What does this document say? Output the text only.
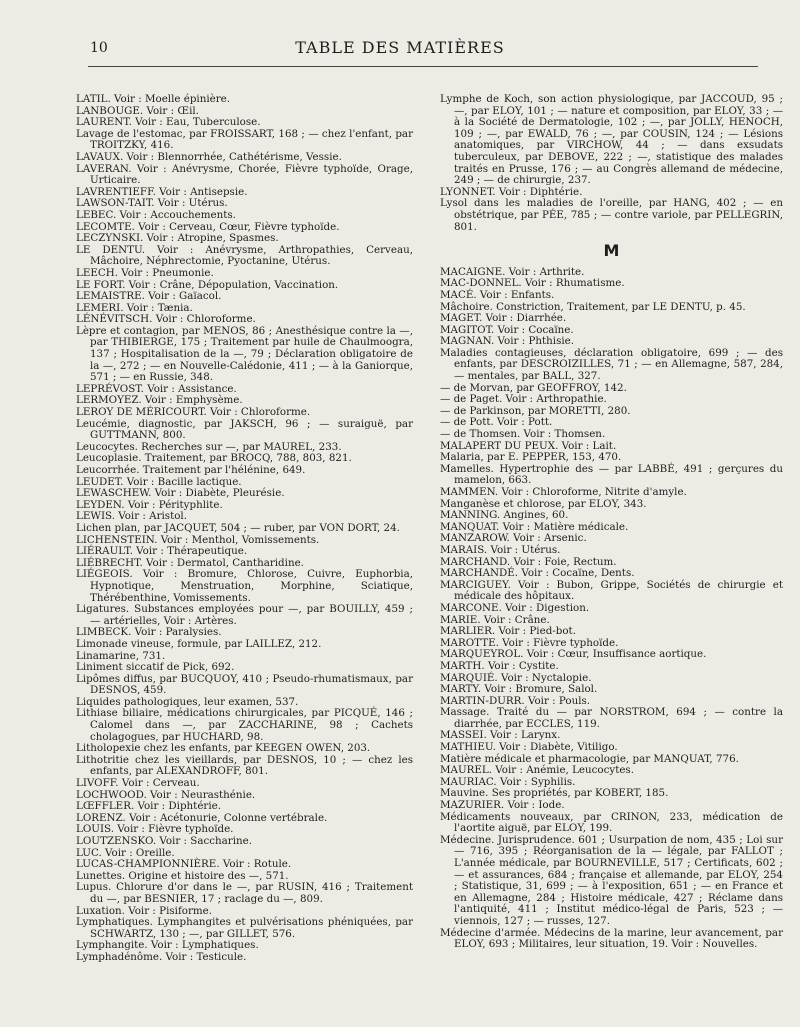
10	TABLE DES MATIÈRES
LATIL. Voir : Moelle épinière.
LANBOUGE. Voir : Œil.
LAURENT. Voir : Eau, Tuberculose.
Lavage de l'estomac, par FROISSART, 168 ; — chez l'enfant, par TROITZKY, 416.
LAVAUX. Voir : Blennorrhée, Cathétérisme, Vessie.
LAVERAN. Voir : Anévrysme, Chorée, Fièvre typhoïde, Orage, Urticaire.
LAVRENTIEFF. Voir : Antisepsie.
LAWSON-TAIT. Voir : Utérus.
LEBEC. Voir : Accouchements.
LECOMTE. Voir : Cerveau, Cœur, Fièvre typhoïde.
LECZYNSKI. Voir : Atropine, Spasmes.
LE DENTU. Voir : Anévrysme, Arthropathies, Cerveau, Mâchoire, Néphrectomie, Pyoctanine, Utérus.
LEECH. Voir : Pneumonie.
LE FORT. Voir : Crâne, Dépopulation, Vaccination.
LEMAISTRE. Voir : Gaïacol.
LEMERI. Voir : Tænia.
LÉNÉVITSCH. Voir : Chloroforme.
Lèpre et contagion, par MENOS, 86 ; Anesthésique contre la —, par THIBIERGE, 175 ; Traitement par huile de Chaulmoogra, 137 ; Hospitalisation de la —, 79 ; Déclaration obligatoire de la —, 272 ; — en Nouvelle-Calédonie, 411 ; — à la Ganiorque, 571 ; — en Russie, 348.
LEPRÉVOST. Voir : Assistance.
LERMOYEZ. Voir : Emphysème.
LEROY DE MÉRICOURT. Voir : Chloroforme.
Leucémie, diagnostic, par JAKSCH, 96 ; — suraiguë, par GUTTMANN, 800.
Leucocytes. Recherches sur —, par MAUREL, 233.
Leucoplasie. Traitement, par BROCQ, 788, 803, 821.
Leucorrhée. Traitement par l'hélénine, 649.
LEUDET. Voir : Bacille lactique.
LEWASCHEW. Voir : Diabète, Pleurésie.
LEYDEN. Voir : Pérityphlite.
LEWIS. Voir : Aristol.
Lichen plan, par JACQUET, 504 ; — ruber, par VON DORT, 24.
LICHENSTEIN. Voir : Menthol, Vomissements.
LIÉRAULT. Voir : Thérapeutique.
LIÉBRECHT. Voir : Dermatol, Cantharidine.
LIÉGEOIS. Voir : Bromure, Chlorose, Cuivre, Euphorbia, Hypnotique, Menstruation, Morphine, Sciatique, Thérébenthine, Vomissements.
Ligatures. Substances employées pour —, par BOUILLY, 459 ; — artérielles, Voir : Artères.
LIMBECK. Voir : Paralysies.
Limonade vineuse, formule, par LAILLEZ, 212.
Linamarine, 731.
Liniment siccatif de Pick, 692.
Lipômes diffus, par BUCQUOY, 410 ; Pseudo-rhumatismaux, par DESNOS, 459.
Liquides pathologiques, leur examen, 537.
Lithiase biliaire, médications chirurgicales, par PICQUÉ, 146 ; Calomel dans —, par ZACCHARINE, 98 ; Cachets cholagogues, par HUCHARD, 98.
Litholopexie chez les enfants, par KEEGEN OWEN, 203.
Lithotritie chez les vieillards, par DESNOS, 10 ; — chez les enfants, par ALEXANDROFF, 801.
LIVOFF. Voir : Cerveau.
LOCHWOOD. Voir : Neurasthénie.
LŒFFLER. Voir : Diphtérie.
LORENZ. Voir : Acétonurie, Colonne vertébrale.
LOUIS. Voir : Fièvre typhoïde.
LOUTZENSKO. Voir : Saccharine.
LUC. Voir : Oreille.
LUCAS-CHAMPIONNIÈRE. Voir : Rotule.
Lunettes. Origine et histoire des —, 571.
Lupus. Chlorure d'or dans le —, par RUSIN, 416 ; Traitement du —, par BESNIER, 17 ; raclage du —, 809.
Luxation. Voir : Pisiforme.
Lymphatiques. Lymphangites et pulvérisations phéniquées, par SCHWARTZ, 130 ; —, par GILLET, 576.
Lymphangite. Voir : Lymphatiques.
Lymphadénôme. Voir : Testicule.
Lymphe de Koch, son action physiologique, par JACCOUD, 95 ; —, par ELOY, 101 ; — nature et composition, par ELOY, 33 ; — à la Société de Dermatologie, 102 ; —, par JOLLY, HENOCH, 109 ; —, par EWALD, 76 ; —, par COUSIN, 124 ; — Lésions anatomiques, par VIRCHOW, 44 ; — dans exsudats tuberculeux, par DEBOVE, 222 ; —, statistique des malades traités en Prusse, 176 ; — au Congrès allemand de médecine, 249 ; — de chirurgie, 237.
LYONNET. Voir : Diphtérie.
Lysol dans les maladies de l'oreille, par HANG, 402 ; — en obstétrique, par PÉE, 785 ; — contre variole, par PELLEGRIN, 801.
M
MACAIGNE. Voir : Arthrite.
MAC-DONNEL. Voir : Rhumatisme.
MACÉ. Voir : Enfants.
Mâchoire. Constriction, Traitement, par LE DENTU, p. 45.
MAGET. Voir : Diarrhée.
MAGITOT. Voir : Cocaïne.
MAGNAN. Voir : Phthisie.
Maladies contagieuses, déclaration obligatoire, 699 ; — des enfants, par DESCROIZILLES, 71 ; — en Allemagne, 587, 284, — mentales, par BALL, 327.
— de Morvan, par GEOFFROY, 142.
— de Paget. Voir : Arthropathie.
— de Parkinson, par MORETTI, 280.
— de Pott. Voir : Pott.
— de Thomsen. Voir : Thomsen.
MALAPERT DU PEUX. Voir : Lait.
Malaria, par E. PEPPER, 153, 470.
Mamelles. Hypertrophie des — par LABBÉ, 491 ; gerçures du mamelon, 663.
MAMMEN. Voir : Chloroforme, Nitrite d'amyle.
Manganèse et chlorose, par ELOY, 343.
MANNING. Angines, 60.
MANQUAT. Voir : Matière médicale.
MANZAROW. Voir : Arsenic.
MARAIS. Voir : Utérus.
MARCHAND. Voir : Foie, Rectum.
MARCHANDÉ. Voir : Cocaïne, Dents.
MARCIGUEY. Voir : Bubon, Grippe, Sociétés de chirurgie et médicale des hôpitaux.
MARCONE. Voir : Digestion.
MARIE. Voir : Crâne.
MARLIER. Voir : Pied-bot.
MAROTTE. Voir : Fièvre typhoïde.
MARQUEYROL. Voir : Cœur, Insuffisance aortique.
MARTH. Voir : Cystite.
MARQUIÉ. Voir : Nyctalopie.
MARTY. Voir : Bromure, Salol.
MARTIN-DURR. Voir : Pouls.
Massage. Traité du — par NORSTROM, 694 ; — contre la diarrhée, par ECCLES, 119.
MASSEI. Voir : Larynx.
MATHIEU. Voir : Diabète, Vitiligo.
Matière médicale et pharmacologie, par MANQUAT, 776.
MAUREL. Voir : Anémie, Leucocytes.
MAURIAC. Voir : Syphilis.
Mauvine. Ses propriétés, par KOBERT, 185.
MAZURIER. Voir : Iode.
Médicaments nouveaux, par CRINON, 233, médication de l'aortite aiguë, par ELOY, 199.
Médecine. Jurisprudence. 601 ; Usurpation de nom, 435 ; Loi sur — 716, 395 ; Réorganisation de la — légale, par FALLOT ; L'année médicale, par BOURNEVILLE, 517 ; Certificats, 602 ; — et assurances, 684 ; française et allemande, par ELOY, 254 ; Statistique, 31, 699 ; — à l'exposition, 651 ; — en France et en Allemagne, 284 ; Histoire médicale, 427 ; Réclame dans l'antiquité, 411 ; Institut médico-légal de Paris, 523 ; — viennois, 127 ; — russes, 127.
Médecine d'armée. Médecins de la marine, leur avancement, par ELOY, 693 ; Militaires, leur situation, 19. Voir : Nouvelles.
